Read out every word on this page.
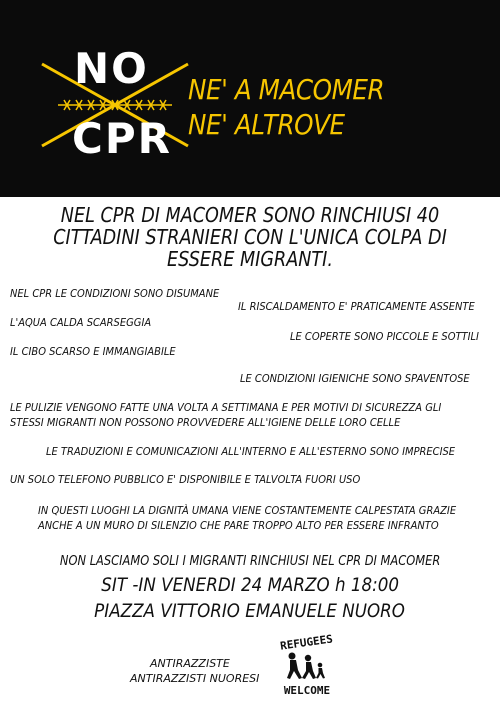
NO
CPR
NE' A MACOMER
NE' ALTROVE
NEL CPR DI MACOMER SONO RINCHIUSI 40
CITTADINI STRANIERI CON L'UNICA COLPA DI
ESSERE MIGRANTI.
NEL CPR LE CONDIZIONI SONO DISUMANE
IL RISCALDAMENTO E' PRATICAMENTE ASSENTE
L'AQUA CALDA SCARSEGGIA
LE COPERTE SONO PICCOLE E SOTTILI
IL CIBO SCARSO E IMMANGIABILE
LE CONDIZIONI IGIENICHE SONO SPAVENTOSE
LE PULIZIE VENGONO FATTE UNA VOLTA A SETTIMANA E PER MOTIVI DI SICUREZZA GLI
STESSI MIGRANTI NON POSSONO PROVVEDERE ALL'IGIENE DELLE LORO CELLE
LE TRADUZIONI E COMUNICAZIONI ALL'INTERNO E ALL'ESTERNO SONO IMPRECISE
UN SOLO TELEFONO PUBBLICO E' DISPONIBILE E TALVOLTA FUORI USO
IN QUESTI LUOGHI LA DIGNITÀ UMANA VIENE COSTANTEMENTE CALPESTATA GRAZIE
ANCHE A UN MURO DI SILENZIO CHE PARE TROPPO ALTO PER ESSERE INFRANTO
NON LASCIAMO SOLI I MIGRANTI RINCHIUSI NEL CPR DI MACOMER
SIT -IN VENERDI 24 MARZO h 18:00
PIAZZA VITTORIO EMANUELE NUORO
ANTIRAZZISTE
ANTIRAZZISTI NUORESI
REFUGEES
WELCOME
